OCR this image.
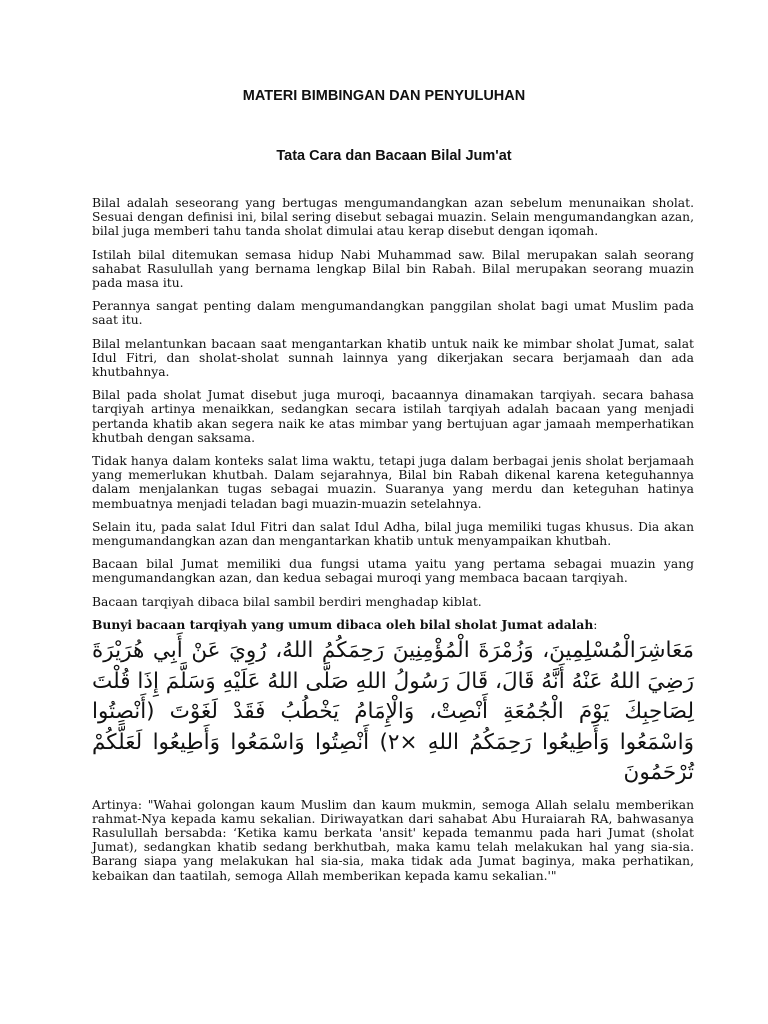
MATERI BIMBINGAN DAN PENYULUHAN
Tata Cara dan Bacaan Bilal Jum'at

Bilal adalah seseorang yang bertugas mengumandangkan azan sebelum menunaikan sholat. Sesuai dengan definisi ini, bilal sering disebut sebagai muazin. Selain mengumandangkan azan, bilal juga memberi tahu tanda sholat dimulai atau kerap disebut dengan iqomah.

Istilah bilal ditemukan semasa hidup Nabi Muhammad saw. Bilal merupakan salah seorang sahabat Rasulullah yang bernama lengkap Bilal bin Rabah. Bilal merupakan seorang muazin pada masa itu.

Perannya sangat penting dalam mengumandangkan panggilan sholat bagi umat Muslim pada saat itu.

Bilal melantunkan bacaan saat mengantarkan khatib untuk naik ke mimbar sholat Jumat, salat Idul Fitri, dan sholat-sholat sunnah lainnya yang dikerjakan secara berjamaah dan ada khutbahnya.

Bilal pada sholat Jumat disebut juga muroqi, bacaannya dinamakan tarqiyah. secara bahasa tarqiyah artinya menaikkan, sedangkan secara istilah tarqiyah adalah bacaan yang menjadi pertanda khatib akan segera naik ke atas mimbar yang bertujuan agar jamaah memperhatikan khutbah dengan saksama.

Tidak hanya dalam konteks salat lima waktu, tetapi juga dalam berbagai jenis sholat berjamaah yang memerlukan khutbah. Dalam sejarahnya, Bilal bin Rabah dikenal karena keteguhannya dalam menjalankan tugas sebagai muazin. Suaranya yang merdu dan keteguhan hatinya membuatnya menjadi teladan bagi muazin-muazin setelahnya.

Selain itu, pada salat Idul Fitri dan salat Idul Adha, bilal juga memiliki tugas khusus. Dia akan mengumandangkan azan dan mengantarkan khatib untuk menyampaikan khutbah.

Bacaan bilal Jumat memiliki dua fungsi utama yaitu yang pertama sebagai muazin yang mengumandangkan azan, dan kedua sebagai muroqi yang membaca bacaan tarqiyah.

Bacaan tarqiyah dibaca bilal sambil berdiri menghadap kiblat.

Bunyi bacaan tarqiyah yang umum dibaca oleh bilal sholat Jumat adalah:

مَعَاشِرَالْمُسْلِمِينَ، وَزُمْرَةَ الْمُؤْمِنِينَ رَحِمَكُمُ اللهُ، رُوِيَ عَنْ أَبِي هُرَيْرَةَ رَضِيَ اللهُ عَنْهُ أَنَّهُ قَالَ، قَالَ رَسُولُ اللهِ صَلَّى اللهُ عَلَيْهِ وَسَلَّمَ إِذَا قُلْتَ لِصَاحِبِكَ يَوْمَ الْجُمُعَةِ أَنْصِتْ، وَالْإِمَامُ يَخْطُبُ فَقَدْ لَغَوْتَ (أَنْصِتُوا وَاسْمَعُوا وَأَطِيعُوا رَحِمَكُمُ اللهِ ×٢) أَنْصِتُوا وَاسْمَعُوا وَأَطِيعُوا لَعَلَّكُمْ تُرْحَمُونَ

Artinya: "Wahai golongan kaum Muslim dan kaum mukmin, semoga Allah selalu memberikan rahmat-Nya kepada kamu sekalian. Diriwayatkan dari sahabat Abu Huraiarah RA, bahwasanya Rasulullah bersabda: ‘Ketika kamu berkata 'ansit' kepada temanmu pada hari Jumat (sholat Jumat), sedangkan khatib sedang berkhutbah, maka kamu telah melakukan hal yang sia-sia. Barang siapa yang melakukan hal sia-sia, maka tidak ada Jumat baginya, maka perhatikan, kebaikan dan taatilah, semoga Allah memberikan kepada kamu sekalian.'"
